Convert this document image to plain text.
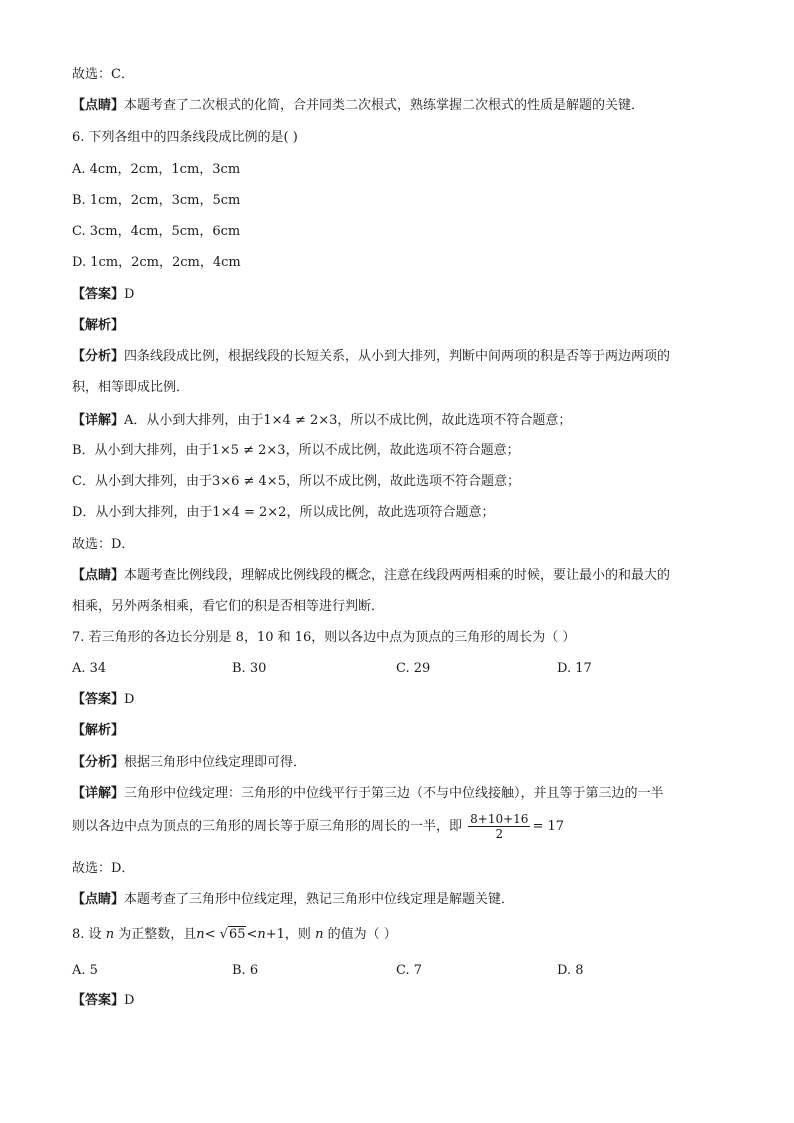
故选：C．
【点睛】本题考查了二次根式的化简，合并同类二次根式，熟练掌握二次根式的性质是解题的关键．
6. 下列各组中的四条线段成比例的是( )
A. 4cm，2cm，1cm，3cm
B. 1cm，2cm，3cm，5cm
C. 3cm，4cm，5cm，6cm
D. 1cm，2cm，2cm，4cm
【答案】D
【解析】
【分析】四条线段成比例，根据线段的长短关系，从小到大排列，判断中间两项的积是否等于两边两项的
积，相等即成比例．
【详解】A．从小到大排列，由于1×4 ≠ 2×3，所以不成比例，故此选项不符合题意；
B．从小到大排列，由于1×5 ≠ 2×3，所以不成比例，故此选项不符合题意；
C．从小到大排列，由于3×6 ≠ 4×5，所以不成比例，故此选项不符合题意；
D．从小到大排列，由于1×4 = 2×2，所以成比例，故此选项符合题意；
故选：D．
【点睛】本题考查比例线段，理解成比例线段的概念，注意在线段两两相乘的时候，要让最小的和最大的
相乘，另外两条相乘，看它们的积是否相等进行判断．
7. 若三角形的各边长分别是 8，10 和 16，则以各边中点为顶点的三角形的周长为（ ）
A. 34	B. 30	C. 29	D. 17
【答案】D
【解析】
【分析】根据三角形中位线定理即可得．
【详解】三角形中位线定理：三角形的中位线平行于第三边（不与中位线接触），并且等于第三边的一半
则以各边中点为顶点的三角形的周长等于原三角形的周长的一半，即 $\frac{8+10+16}{2} = 17$
故选：D．
【点睛】本题考查了三角形中位线定理，熟记三角形中位线定理是解题关键．
8. 设 n 为正整数，且n< √65<n+1，则 n 的值为（ ）
A. 5	B. 6	C. 7	D. 8
【答案】D
